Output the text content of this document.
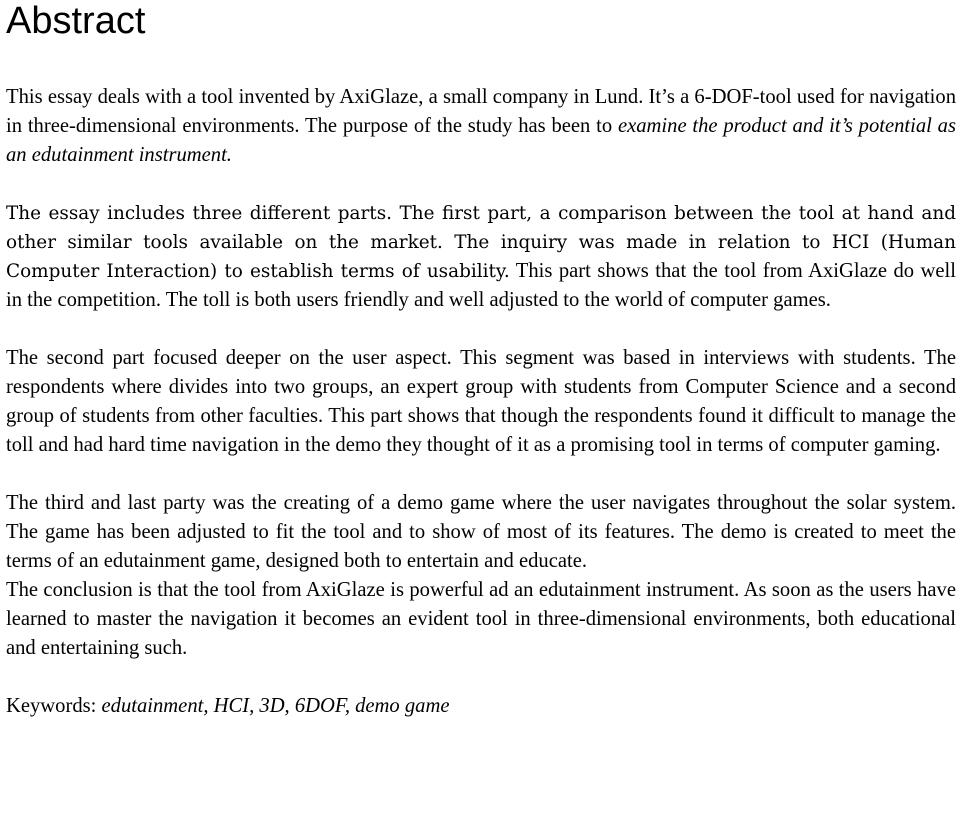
Abstract

This essay deals with a tool invented by AxiGlaze, a small company in Lund. It’s a 6-DOF-tool used for navigation in three-dimensional environments. The purpose of the study has been to examine the product and it’s potential as an edutainment instrument.

The essay includes three different parts. The first part, a comparison between the tool at hand and other similar tools available on the market. The inquiry was made in relation to HCI (Human Computer Interaction) to establish terms of usability. This part shows that the tool from AxiGlaze do well in the competition. The toll is both users friendly and well adjusted to the world of computer games.

The second part focused deeper on the user aspect. This segment was based in interviews with students. The respondents where divides into two groups, an expert group with students from Computer Science and a second group of students from other faculties. This part shows that though the respondents found it difficult to manage the toll and had hard time navigation in the demo they thought of it as a promising tool in terms of computer gaming.

The third and last party was the creating of a demo game where the user navigates throughout the solar system. The game has been adjusted to fit the tool and to show of most of its features. The demo is created to meet the terms of an edutainment game, designed both to entertain and educate.

The conclusion is that the tool from AxiGlaze is powerful ad an edutainment instrument. As soon as the users have learned to master the navigation it becomes an evident tool in three-dimensional environments, both educational and entertaining such.

Keywords: edutainment, HCI, 3D, 6DOF, demo game
